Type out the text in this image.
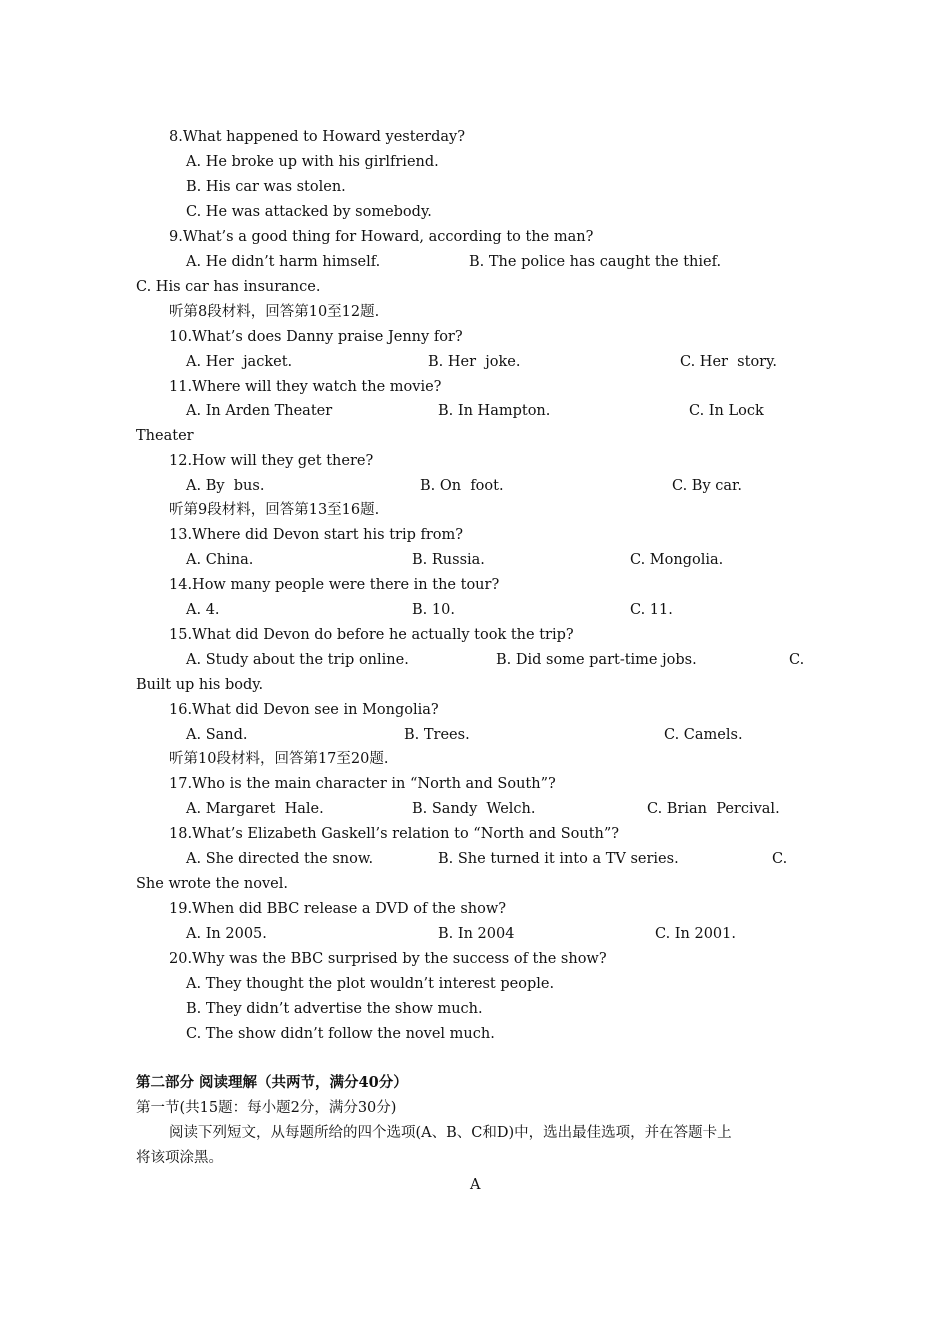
8.What happened to Howard yesterday?
A. He broke up with his girlfriend.
B. His car was stolen.
C. He was attacked by somebody.
9.What’s a good thing for Howard, according to the man?
A. He didn’t harm himself.	B. The police has caught the thief.
C. His car has insurance.
听第8段材料，回答第10至12题.
10.What’s does Danny praise Jenny for?
A. Her  jacket.	B. Her  joke.	C. Her  story.
11.Where will they watch the movie?
A. In Arden Theater	B. In Hampton.	C. In Lock
Theater
12.How will they get there?
A. By  bus.	B. On  foot.	C. By car.
听第9段材料，回答第13至16题.
13.Where did Devon start his trip from?
A. China.	B. Russia.	C. Mongolia.
14.How many people were there in the tour?
A. 4.	B. 10.	C. 11.
15.What did Devon do before he actually took the trip?
A. Study about the trip online.	B. Did some part-time jobs.	C.
Built up his body.
16.What did Devon see in Mongolia?
A. Sand.	B. Trees.	C. Camels.
听第10段材料，回答第17至20题.
17.Who is the main character in “North and South”?
A. Margaret  Hale.	B. Sandy  Welch.	C. Brian  Percival.
18.What’s Elizabeth Gaskell’s relation to “North and South”?
A. She directed the snow.	B. She turned it into a TV series.	C.
She wrote the novel.
19.When did BBC release a DVD of the show?
A. In 2005.	B. In 2004	C. In 2001.
20.Why was the BBC surprised by the success of the show?
A. They thought the plot wouldn’t interest people.
B. They didn’t advertise the show much.
C. The show didn’t follow the novel much.
第二部分 阅读理解（共两节，满分40分）
第一节(共15题：每小题2分，满分30分)
阅读下列短文，从每题所给的四个选项(A、B、C和D)中，选出最佳选项，并在答题卡上
将该项涂黑。
A
